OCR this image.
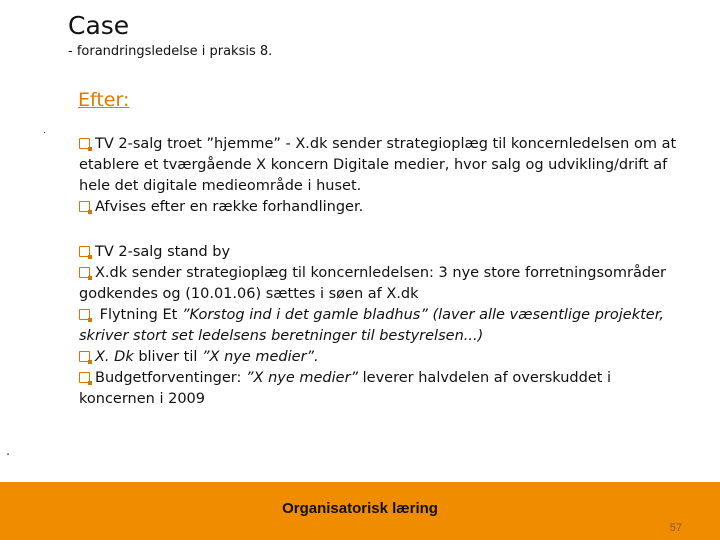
Case
- forandringsledelse i praksis 8.
Efter:
.
.

TV 2-salg troet ”hjemme” - X.dk sender strategioplæg til koncernledelsen om at etablere et tværgående X koncern Digitale medier, hvor salg og udvikling/drift af hele det digitale medieområde i huset.

Afvises efter en række forhandlinger.

TV 2-salg stand by

X.dk sender strategioplæg til koncernledelsen: 3 nye store forretningsområder godkendes og (10.01.06) sættes i søen af X.dk

Flytning Et ”Korstog ind i det gamle bladhus” (laver alle væsentlige projekter, skriver stort set ledelsens beretninger til bestyrelsen...)

X. Dk bliver til ”X nye medier”.

Budgetforventinger: ”X nye medier” leverer halvdelen af overskuddet i koncernen i 2009

Organisatorisk læring
57
